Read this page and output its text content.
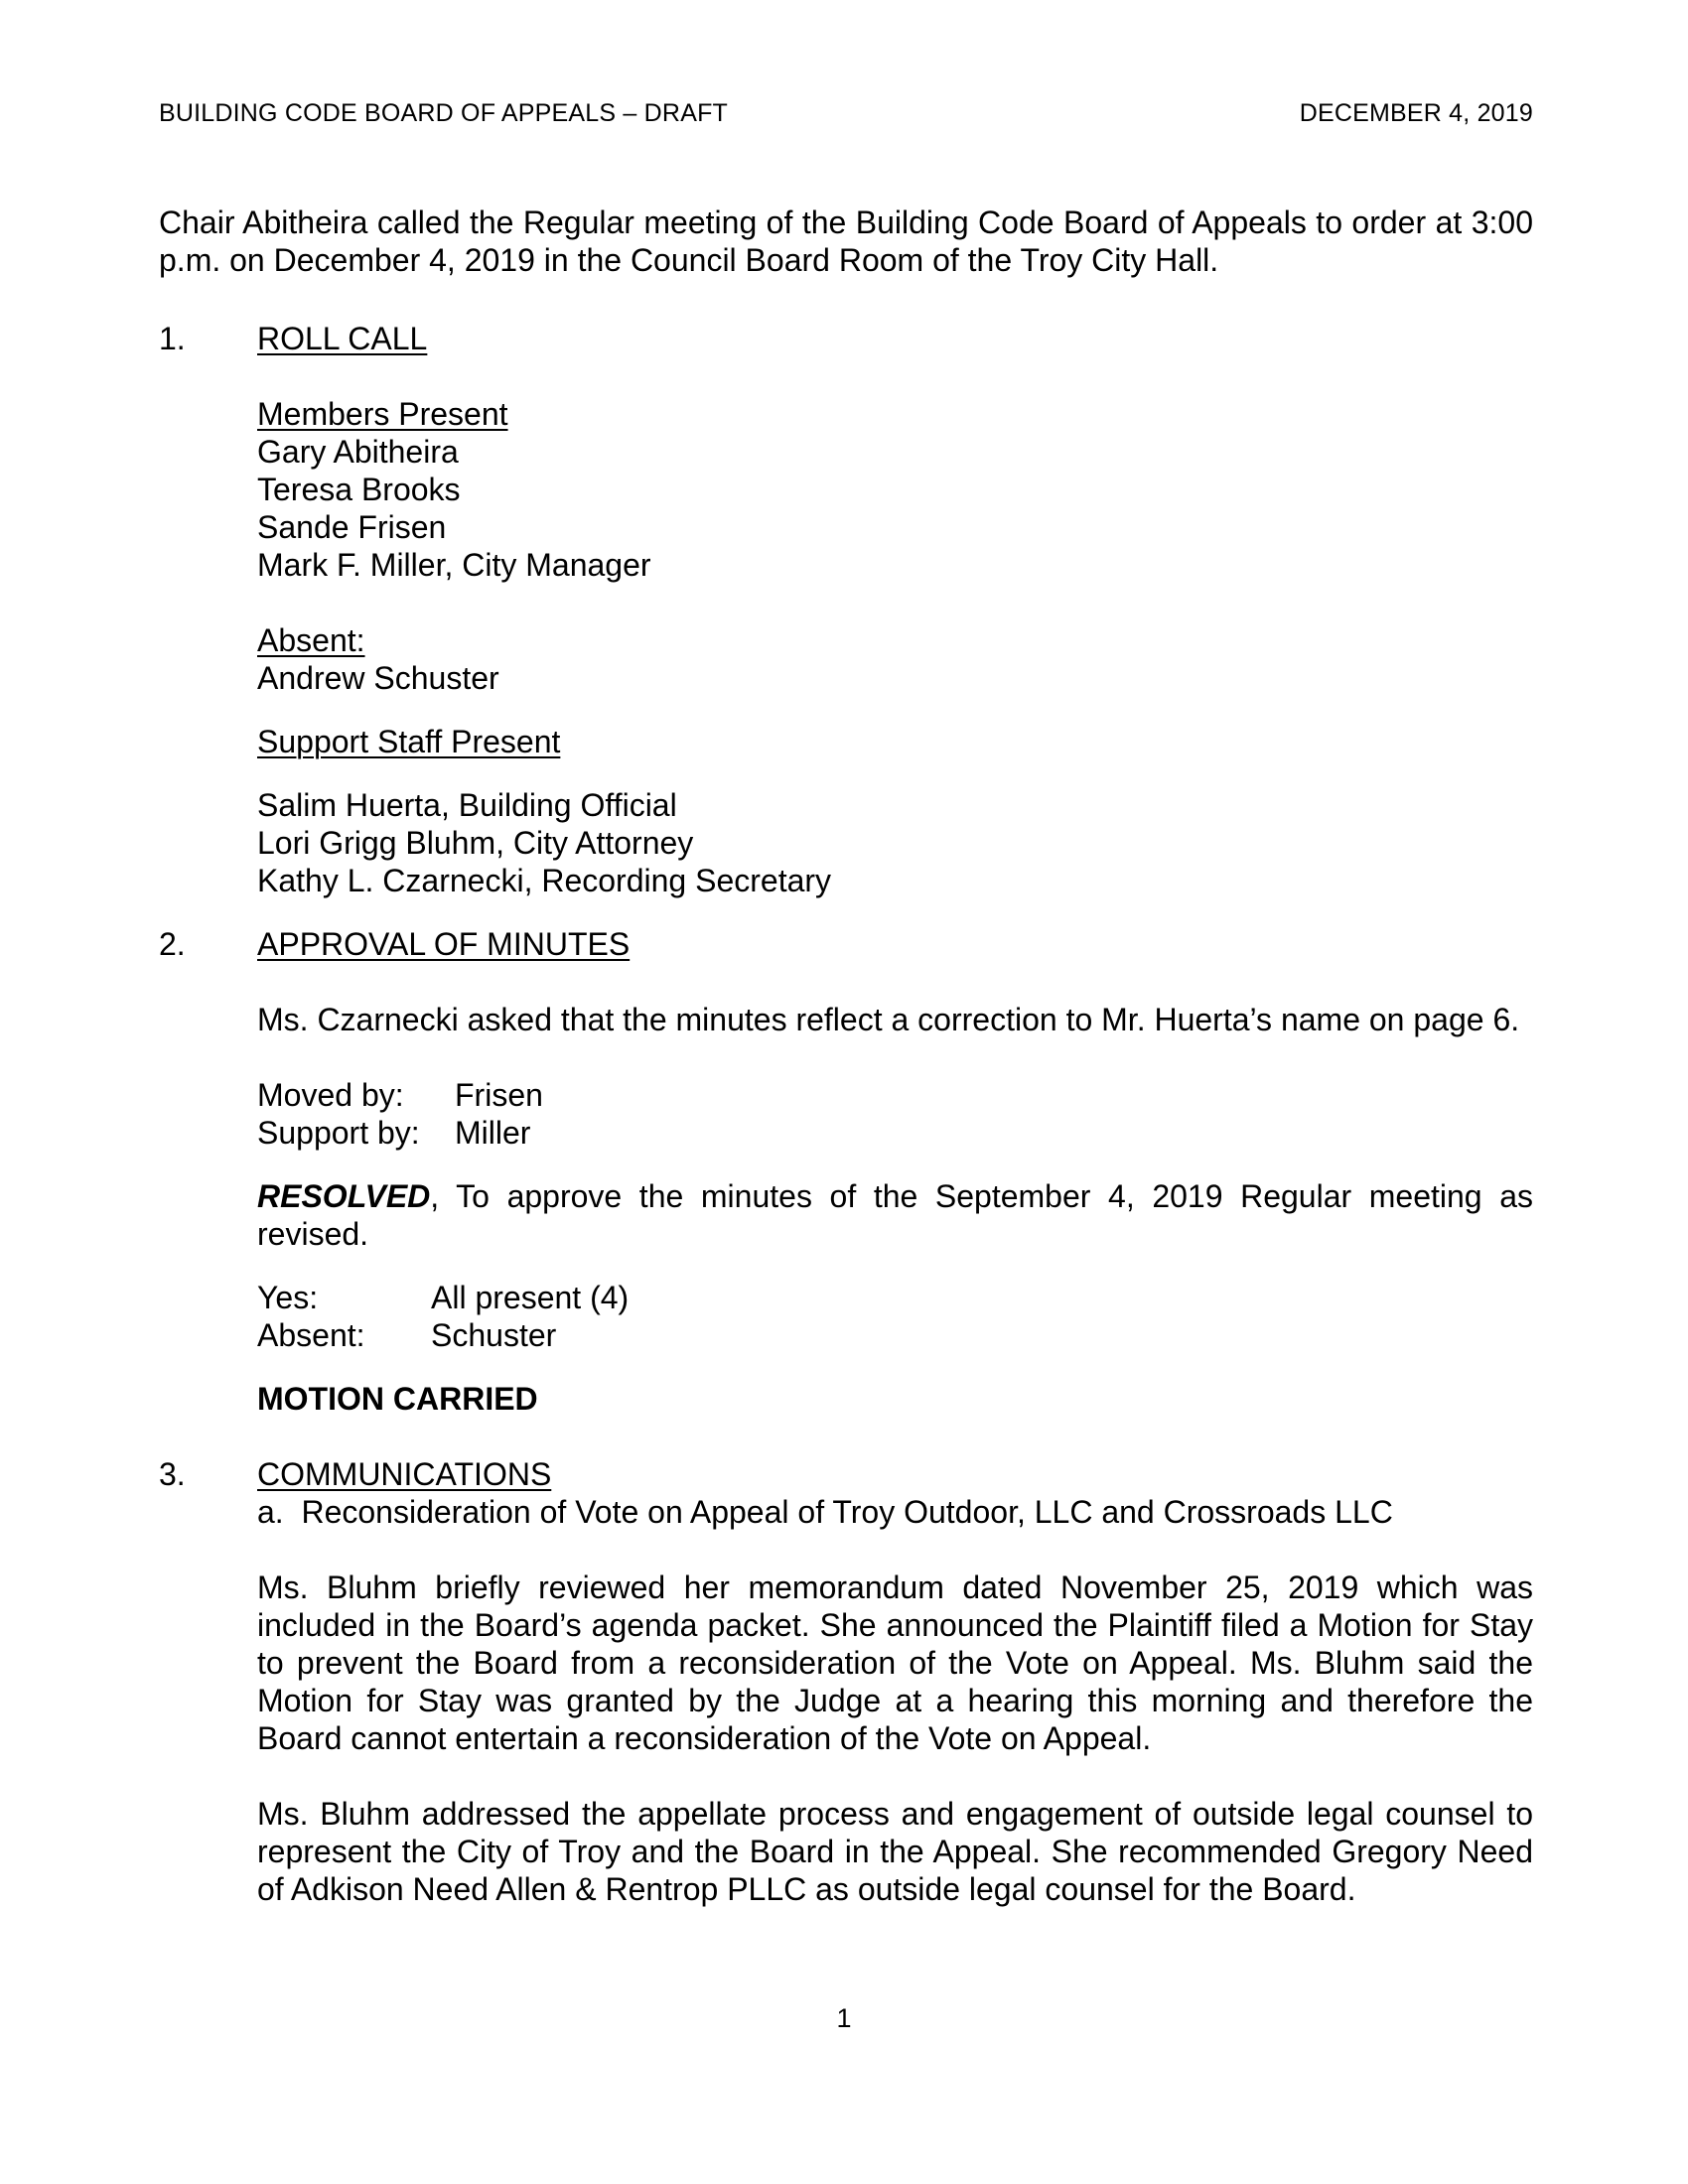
BUILDING CODE BOARD OF APPEALS – DRAFT	DECEMBER 4, 2019
Chair Abitheira called the Regular meeting of the Building Code Board of Appeals to order at 3:00 p.m. on December 4, 2019 in the Council Board Room of the Troy City Hall.
1. ROLL CALL
Members Present
Gary Abitheira
Teresa Brooks
Sande Frisen
Mark F. Miller, City Manager
Absent:
Andrew Schuster
Support Staff Present
Salim Huerta, Building Official
Lori Grigg Bluhm, City Attorney
Kathy L. Czarnecki, Recording Secretary
2. APPROVAL OF MINUTES
Ms. Czarnecki asked that the minutes reflect a correction to Mr. Huerta’s name on page 6.
Moved by:	Frisen
Support by:	Miller
RESOLVED, To approve the minutes of the September 4, 2019 Regular meeting as revised.
Yes:	All present (4)
Absent:	Schuster
MOTION CARRIED
3. COMMUNICATIONS
a.  Reconsideration of Vote on Appeal of Troy Outdoor, LLC and Crossroads LLC
Ms. Bluhm briefly reviewed her memorandum dated November 25, 2019 which was included in the Board’s agenda packet. She announced the Plaintiff filed a Motion for Stay to prevent the Board from a reconsideration of the Vote on Appeal. Ms. Bluhm said the Motion for Stay was granted by the Judge at a hearing this morning and therefore the Board cannot entertain a reconsideration of the Vote on Appeal.
Ms. Bluhm addressed the appellate process and engagement of outside legal counsel to represent the City of Troy and the Board in the Appeal. She recommended Gregory Need of Adkison Need Allen & Rentrop PLLC as outside legal counsel for the Board.
1
